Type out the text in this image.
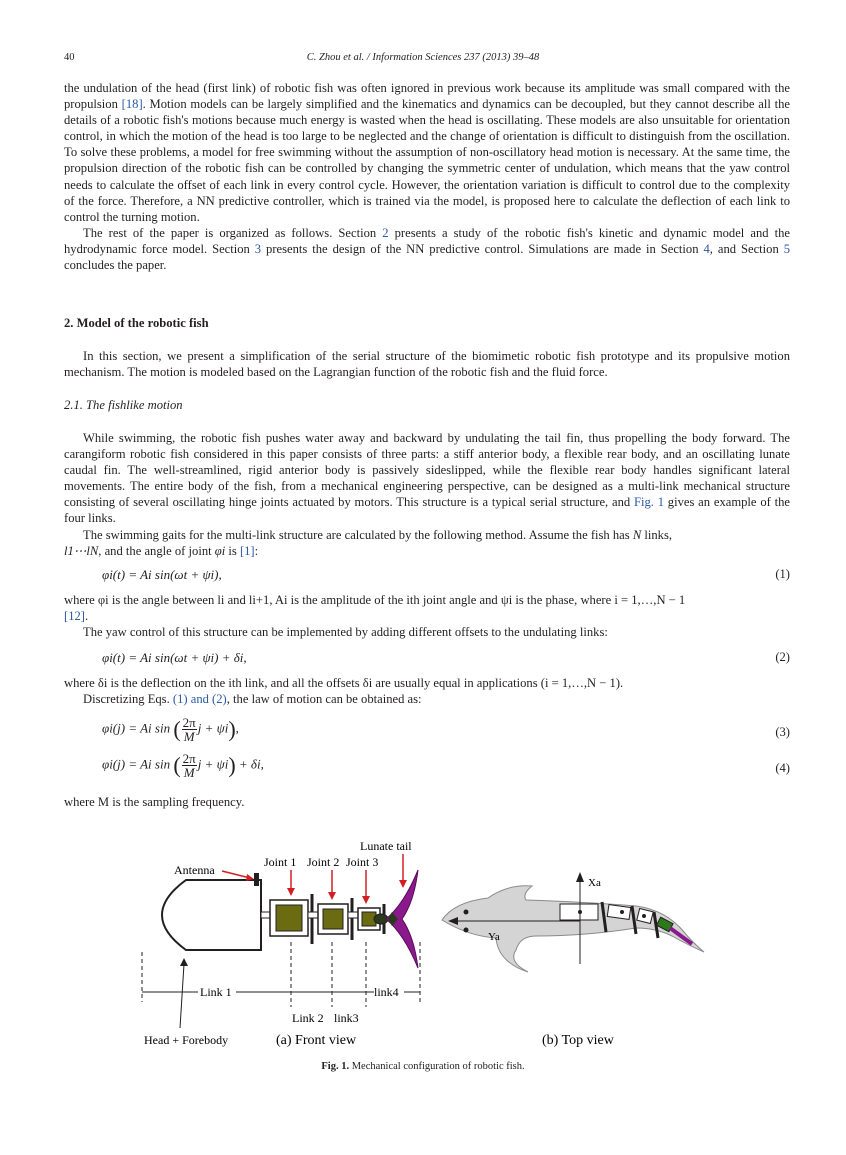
40	C. Zhou et al. / Information Sciences 237 (2013) 39–48

the undulation of the head (first link) of robotic fish was often ignored in previous work because its amplitude was small compared with the propulsion [18]. Motion models can be largely simplified and the kinematics and dynamics can be decoupled, but they cannot describe all the details of a robotic fish's motions because much energy is wasted when the head is oscillating. These models are also unsuitable for orientation control, in which the motion of the head is too large to be neglected and the change of orientation is difficult to distinguish from the oscillation. To solve these problems, a model for free swimming without the assumption of non-oscillatory head motion is necessary. At the same time, the propulsion direction of the robotic fish can be controlled by changing the symmetric center of undulation, which means that the yaw control needs to calculate the offset of each link in every control cycle. However, the orientation variation is difficult to control due to the complexity of the force. Therefore, a NN predictive controller, which is trained via the model, is proposed here to calculate the deflection of each link to control the turning motion.

The rest of the paper is organized as follows. Section 2 presents a study of the robotic fish's kinetic and dynamic model and the hydrodynamic force model. Section 3 presents the design of the NN predictive control. Simulations are made in Section 4, and Section 5 concludes the paper.

2. Model of the robotic fish

In this section, we present a simplification of the serial structure of the biomimetic robotic fish prototype and its propulsive motion mechanism. The motion is modeled based on the Lagrangian function of the robotic fish and the fluid force.

2.1. The fishlike motion

While swimming, the robotic fish pushes water away and backward by undulating the tail fin, thus propelling the body forward. The carangiform robotic fish considered in this paper consists of three parts: a stiff anterior body, a flexible rear body, and an oscillating lunate caudal fin. The well-streamlined, rigid anterior body is passively sideslipped, while the flexible rear body handles significant lateral movements. The entire body of the fish, from a mechanical engineering perspective, can be designed as a multi-link mechanical structure consisting of several oscillating hinge joints actuated by motors. This structure is a typical serial structure, and Fig. 1 gives an example of the four links.

The swimming gaits for the multi-link structure are calculated by the following method. Assume the fish has N links,
l1⋯lN, and the angle of joint φi is [1]:

φi(t) = Ai sin(ωt + ψi),	(1)

where φi is the angle between li and li+1, Ai is the amplitude of the ith joint angle and ψi is the phase, where i = 1,…,N − 1
[12].

The yaw control of this structure can be implemented by adding different offsets to the undulating links:

φi(t) = Ai sin(ωt + ψi) + δi,	(2)

where δi is the deflection on the ith link, and all the offsets δi are usually equal in applications (i = 1,…,N − 1).

Discretizing Eqs. (1) and (2), the law of motion can be obtained as:

φi(j) = Ai sin ( $\frac{2\pi}{M}$ j + ψi),	(3)
φi(j) = Ai sin ( $\frac{2\pi}{M}$ j + ψi) + δi,	(4)

where M is the sampling frequency.

Antenna
Joint 1 Joint 2 Joint 3
Lunate tail
Link 1	link4
Link 2 link3
Head + Forebody	(a) Front view
Xa
Ya
(b) Top view
Fig. 1. Mechanical configuration of robotic fish.
